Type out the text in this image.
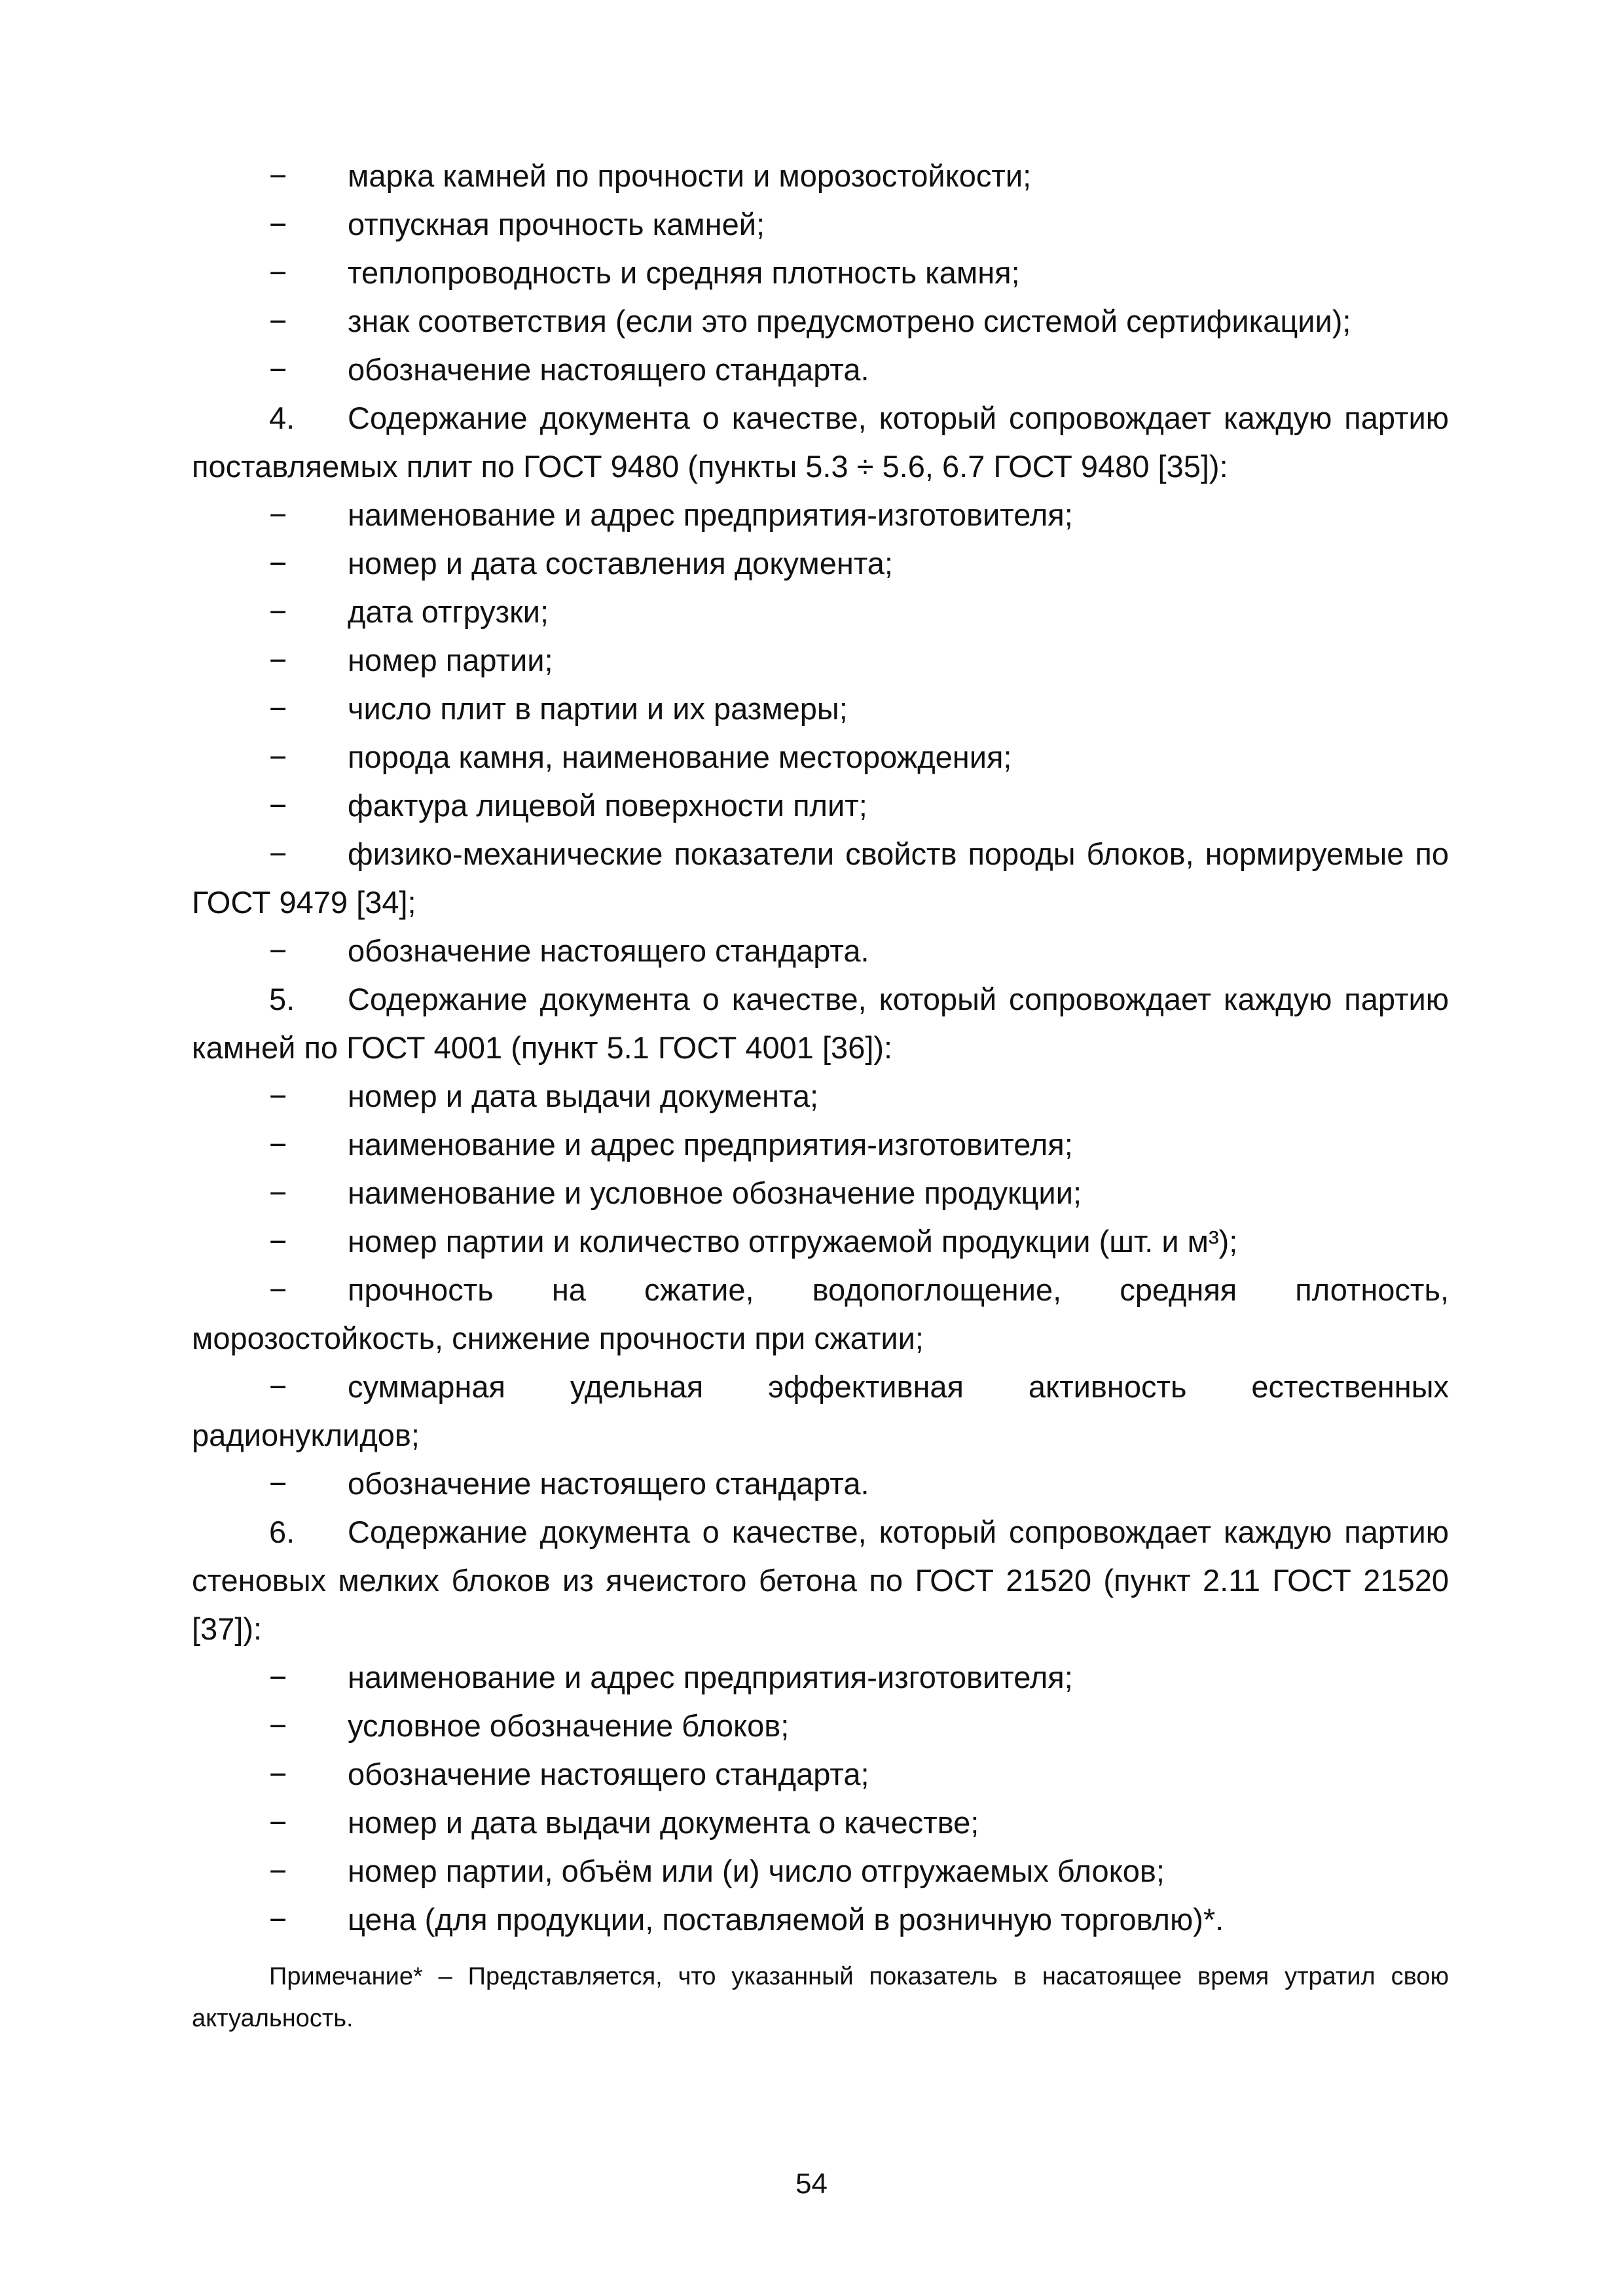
− марка камней по прочности и морозостойкости;

− отпускная прочность камней;

− теплопроводность и средняя плотность камня;

− знак соответствия (если это предусмотрено системой сертификации);

− обозначение настоящего стандарта.

4. Содержание документа о качестве, который сопровождает каждую партию поставляемых плит по ГОСТ 9480 (пункты 5.3 ÷ 5.6, 6.7 ГОСТ 9480 [35]):
− наименование и адрес предприятия-изготовителя;

− номер и дата составления документа;

− дата отгрузки;

− номер партии;

− число плит в партии и их размеры;

− порода камня, наименование месторождения;

− фактура лицевой поверхности плит;

− физико-механические показатели свойств породы блоков, нормируемые по ГОСТ 9479 [34];
− обозначение настоящего стандарта.

5. Содержание документа о качестве, который сопровождает каждую партию камней по ГОСТ 4001 (пункт 5.1 ГОСТ 4001 [36]):
− номер и дата выдачи документа;

− наименование и адрес предприятия-изготовителя;

− наименование и условное обозначение продукции;

− номер партии и количество отгружаемой продукции (шт. и м³);

− прочность на сжатие, водопоглощение, средняя плотность, морозостойкость, снижение прочности при сжатии;
− суммарная удельная эффективная активность естественных радионуклидов;
− обозначение настоящего стандарта.

6. Содержание документа о качестве, который сопровождает каждую партию стеновых мелких блоков из ячеистого бетона по ГОСТ 21520 (пункт 2.11 ГОСТ 21520 [37]):
− наименование и адрес предприятия-изготовителя;

− условное обозначение блоков;

− обозначение настоящего стандарта;

− номер и дата выдачи документа о качестве;

− номер партии, объём или (и) число отгружаемых блоков;

− цена (для продукции, поставляемой в розничную торговлю)*.

Примечание* – Представляется, что указанный показатель в насатоящее время утратил свою актуальность.
54
